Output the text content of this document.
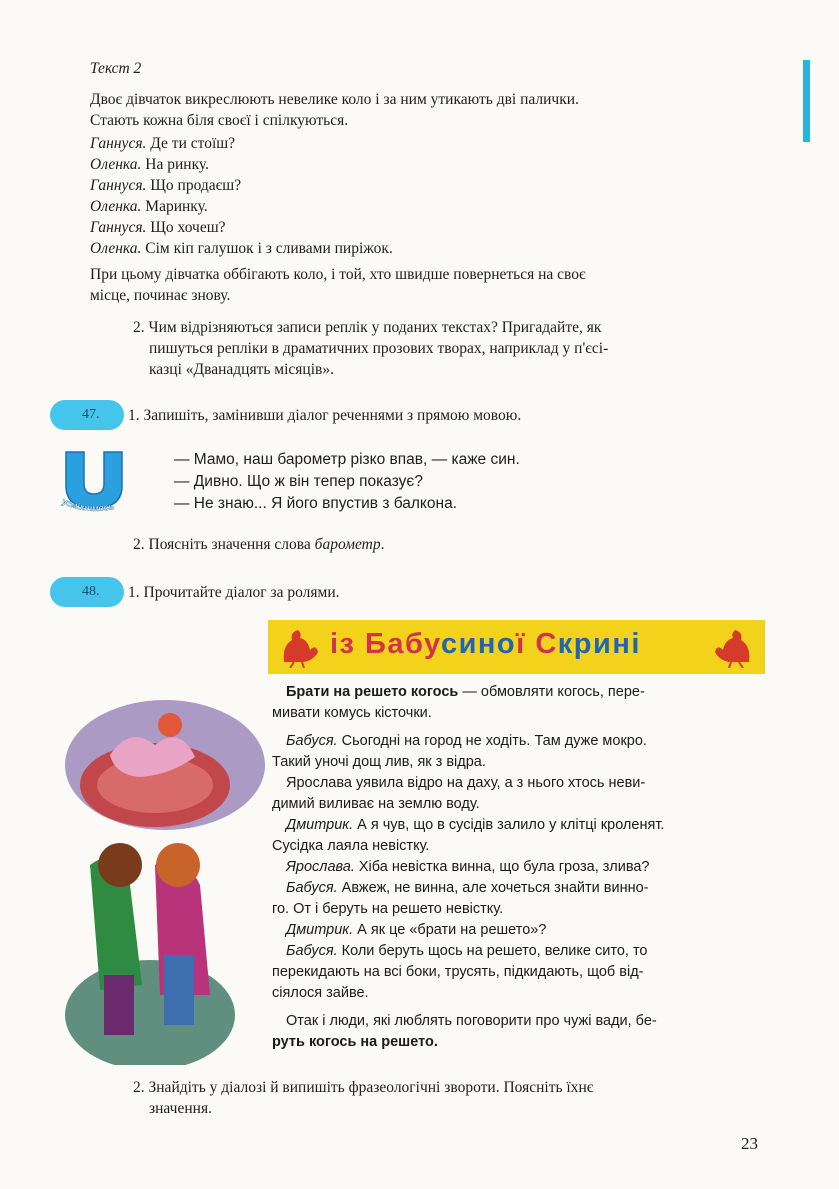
Текст 2
Двоє дівчаток викреслюють невелике коло і за ним утикають дві палички.
Стають кожна біля своєї і спілкуються.
Ганнуся. Де ти стоїш?
Оленка. На ринку.
Ганнуся. Що продаєш?
Оленка. Маринку.
Ганнуся. Що хочеш?
Оленка. Сім кіп галушок і з сливами пиріжок.
При цьому дівчатка оббігають коло, і той, хто швидше повернеться на своє
місце, починає знову.
2. Чим відрізняються записи реплік у поданих текстах? Пригадайте, як
пишуться репліки в драматичних прозових творах, наприклад у п'єсі-
казці «Дванадцять місяців».
47.	1. Запишіть, замінивши діалог реченнями з прямою мовою.
усміхнімось
— Мамо, наш барометр різко впав, — каже син.
— Дивно. Що ж він тепер показує?
— Не знаю... Я його впустив з балкона.
2. Поясніть значення слова барометр.
48.	1. Прочитайте діалог за ролями.
із Бабусиної Скрині
Брати на решето когось — обмовляти когось, пере-
мивати комусь кісточки.
Бабуся. Сьогодні на город не ходіть. Там дуже мокро.
Такий уночі дощ лив, як з відра.
Ярослава уявила відро на даху, а з нього хтось неви-
димий виливає на землю воду.
Дмитрик. А я чув, що в сусідів залило у клітці кроленят.
Сусідка лаяла невістку.
Ярослава. Хіба невістка винна, що була гроза, злива?
Бабуся. Авжеж, не винна, але хочеться знайти винно-
го. От і беруть на решето невістку.
Дмитрик. А як це «брати на решето»?
Бабуся. Коли беруть щось на решето, велике сито, то
перекидають на всі боки, трусять, підкидають, щоб від-
сіялося зайве.
Отак і люди, які люблять поговорити про чужі вади, бе-
руть когось на решето.
2. Знайдіть у діалозі й випишіть фразеологічні звороти. Поясніть їхнє
значення.
23
